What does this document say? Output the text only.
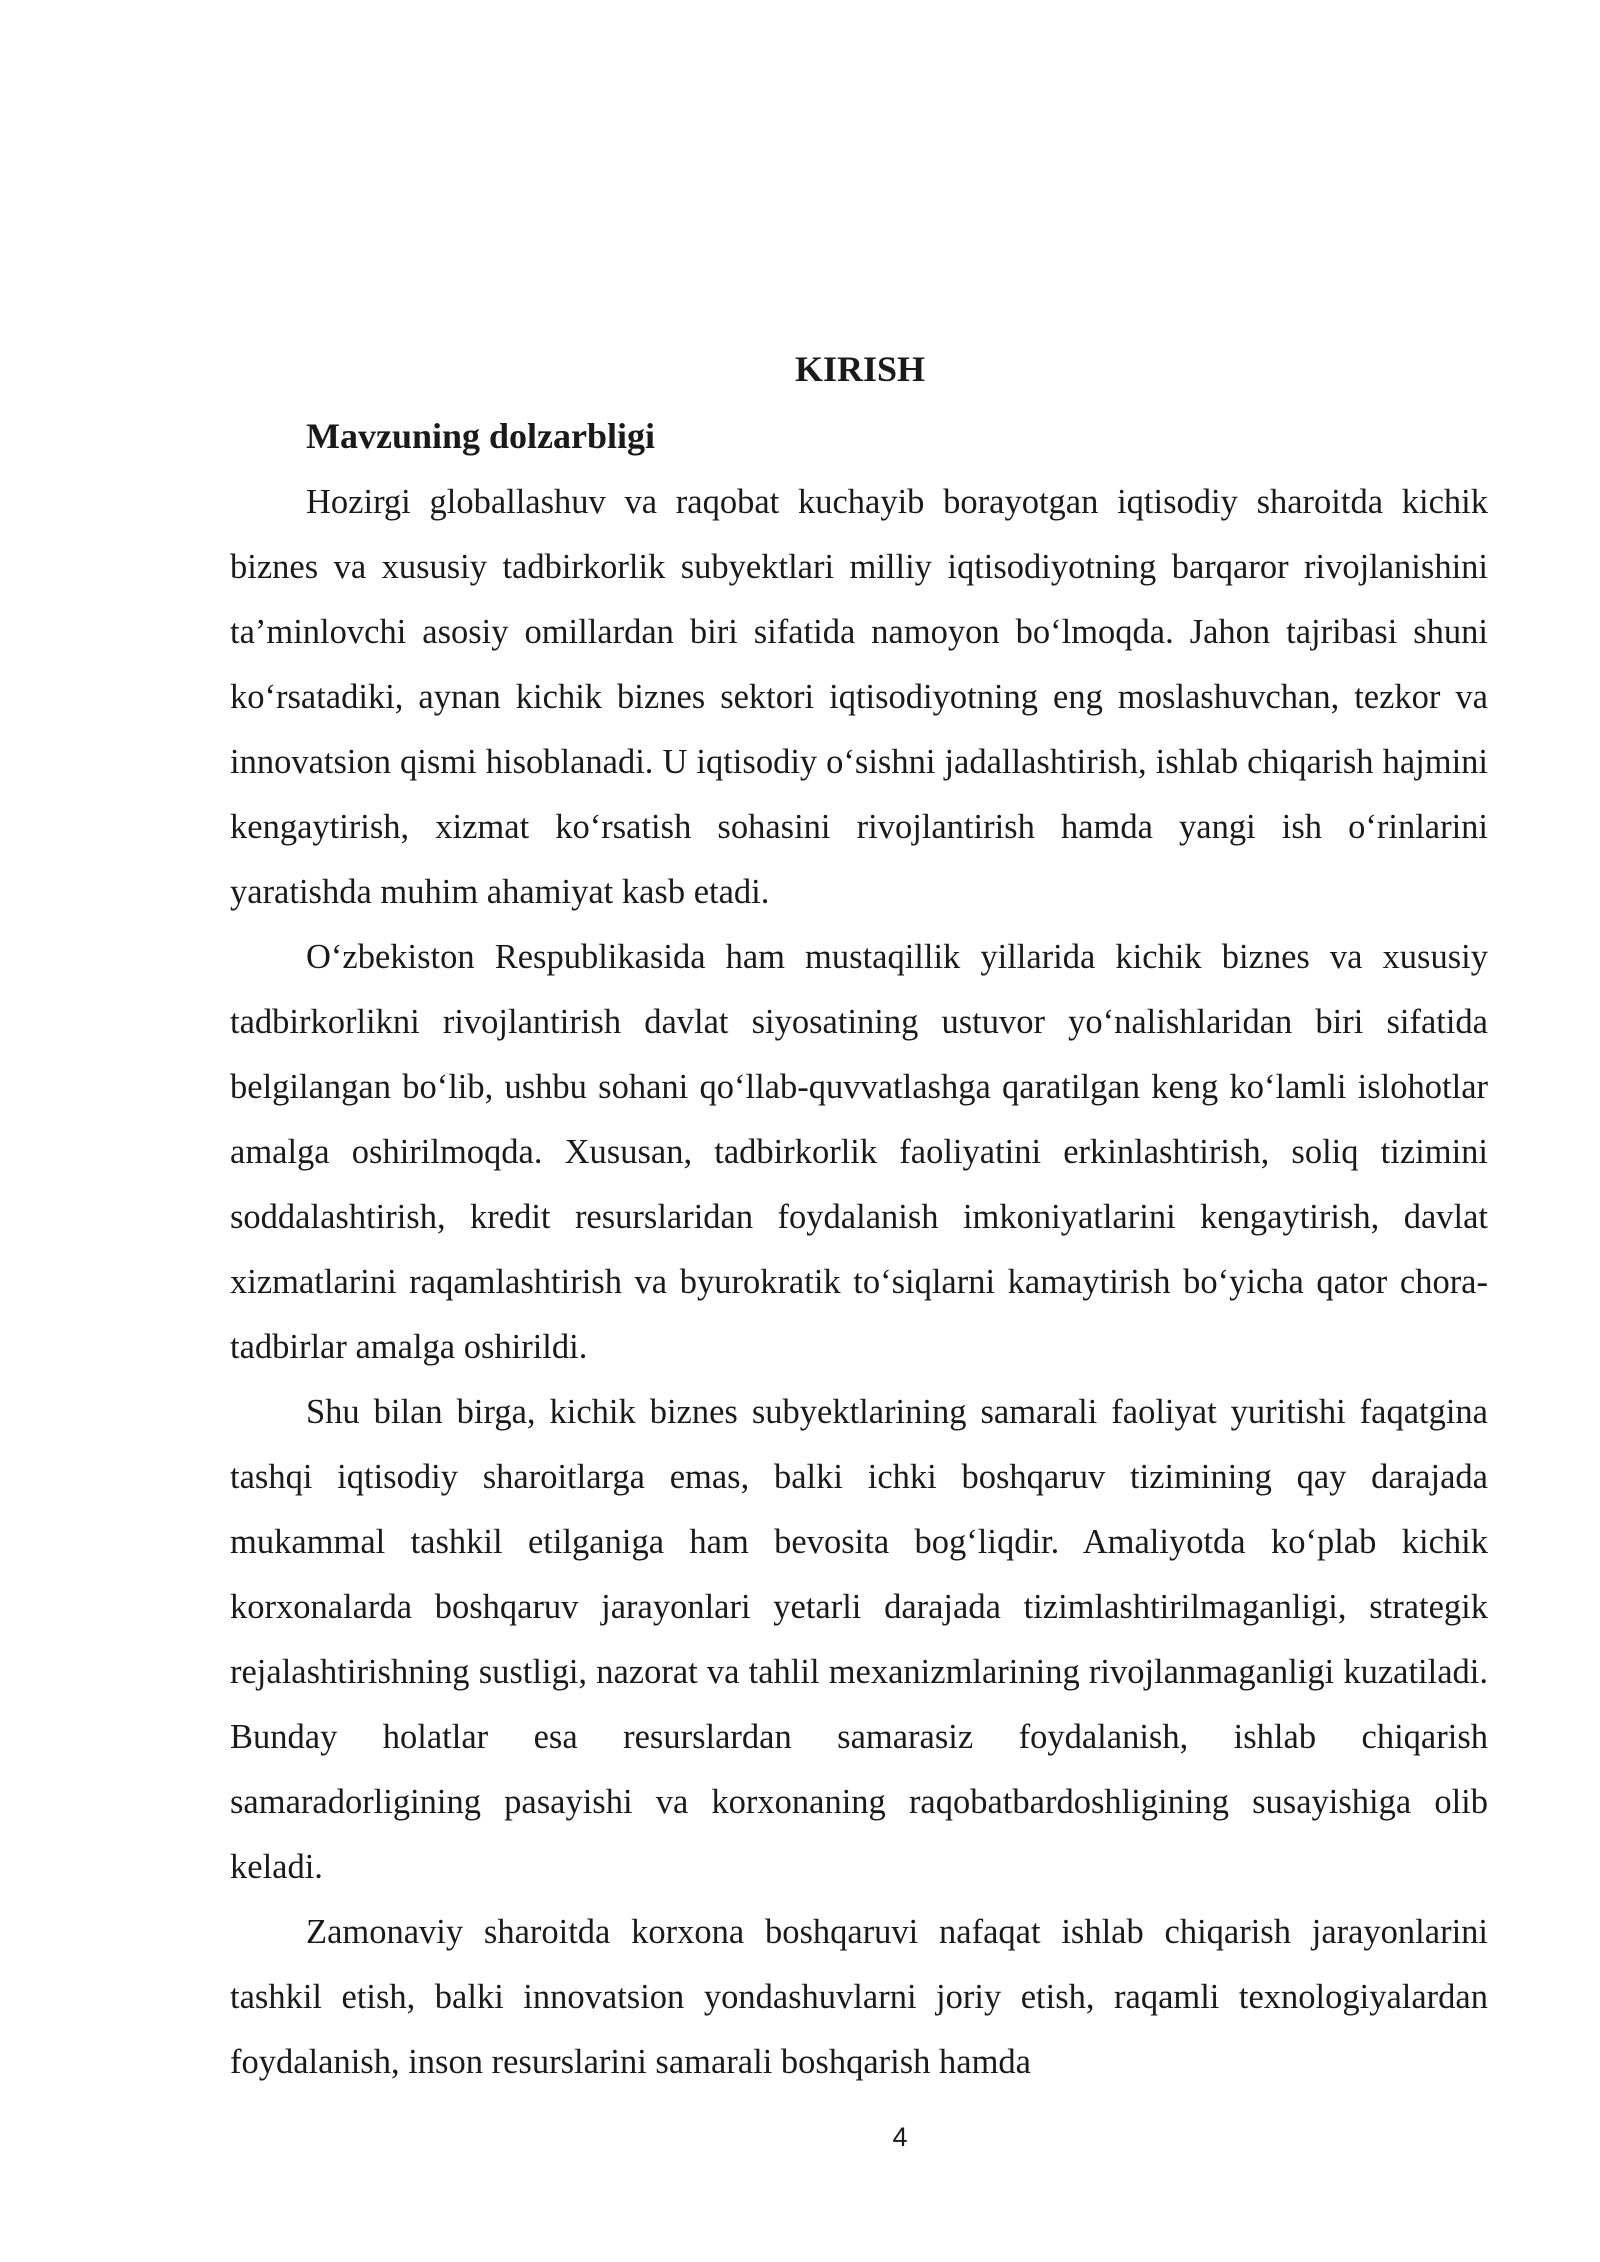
KIRISH
Mavzuning dolzarbligi

Hozirgi globallashuv va raqobat kuchayib borayotgan iqtisodiy sharoitda kichik biznes va xususiy tadbirkorlik subyektlari milliy iqtisodiyotning barqaror rivojlanishini ta’minlovchi asosiy omillardan biri sifatida namoyon bo‘lmoqda. Jahon tajribasi shuni ko‘rsatadiki, aynan kichik biznes sektori iqtisodiyotning eng moslashuvchan, tezkor va innovatsion qismi hisoblanadi. U iqtisodiy o‘sishni jadallashtirish, ishlab chiqarish hajmini kengaytirish, xizmat ko‘rsatish sohasini rivojlantirish hamda yangi ish o‘rinlarini yaratishda muhim ahamiyat kasb etadi.

O‘zbekiston Respublikasida ham mustaqillik yillarida kichik biznes va xususiy tadbirkorlikni rivojlantirish davlat siyosatining ustuvor yo‘nalishlaridan biri sifatida belgilangan bo‘lib, ushbu sohani qo‘llab-quvvatlashga qaratilgan keng ko‘lamli islohotlar amalga oshirilmoqda. Xususan, tadbirkorlik faoliyatini erkinlashtirish, soliq tizimini soddalashtirish, kredit resurslaridan foydalanish imkoniyatlarini kengaytirish, davlat xizmatlarini raqamlashtirish va byurokratik to‘siqlarni kamaytirish bo‘yicha qator chora-tadbirlar amalga oshirildi.

Shu bilan birga, kichik biznes subyektlarining samarali faoliyat yuritishi faqatgina tashqi iqtisodiy sharoitlarga emas, balki ichki boshqaruv tizimining qay darajada mukammal tashkil etilganiga ham bevosita bog‘liqdir. Amaliyotda ko‘plab kichik korxonalarda boshqaruv jarayonlari yetarli darajada tizimlashtirilmaganligi, strategik rejalashtirishning sustligi, nazorat va tahlil mexanizmlarining rivojlanmaganligi kuzatiladi. Bunday holatlar esa resurslardan samarasiz foydalanish, ishlab chiqarish samaradorligining pasayishi va korxonaning raqobatbardoshligining susayishiga olib keladi.

Zamonaviy sharoitda korxona boshqaruvi nafaqat ishlab chiqarish jarayonlarini tashkil etish, balki innovatsion yondashuvlarni joriy etish, raqamli texnologiyalardan foydalanish, inson resurslarini samarali boshqarish hamda

4
